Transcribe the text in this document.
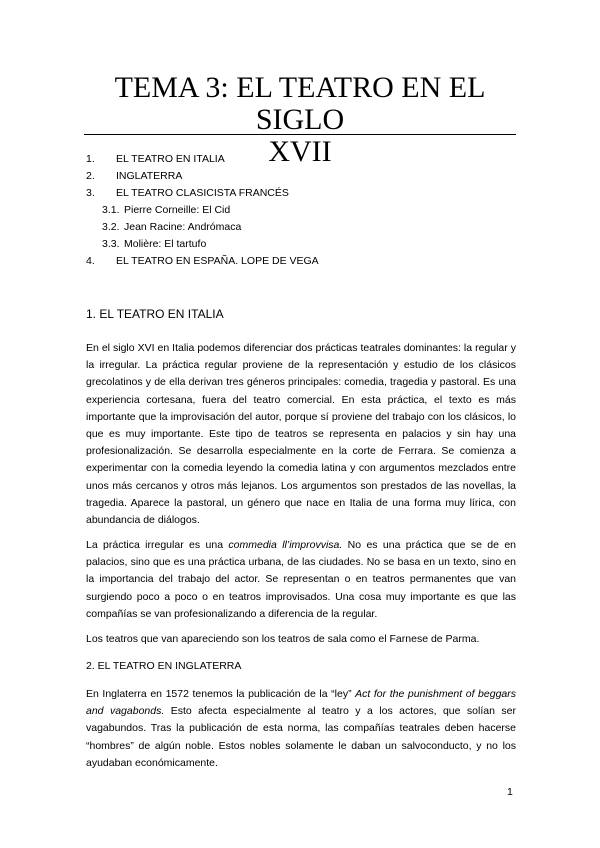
TEMA 3: EL TEATRO EN EL SIGLO
XVII
1.	EL TEATRO EN ITALIA
2.	INGLATERRA
3.	EL TEATRO CLASICISTA FRANCÉS
3.1. Pierre Corneille: El Cid
3.2. Jean Racine: Andrómaca
3.3. Molière: El tartufo
4.	EL TEATRO EN ESPAÑA. LOPE DE VEGA
1. EL TEATRO EN ITALIA

En el siglo XVI en Italia podemos diferenciar dos prácticas teatrales dominantes: la regular y la irregular. La práctica regular proviene de la representación y estudio de los clásicos grecolatinos y de ella derivan tres géneros principales: comedia, tragedia y pastoral. Es una experiencia cortesana, fuera del teatro comercial. En esta práctica, el texto es más importante que la improvisación del autor, porque sí proviene del trabajo con los clásicos, lo que es muy importante. Este tipo de teatros se representa en palacios y sin hay una profesionalización. Se desarrolla especialmente en la corte de Ferrara. Se comienza a experimentar con la comedia leyendo la comedia latina y con argumentos mezclados entre unos más cercanos y otros más lejanos. Los argumentos son prestados de las novellas, la tragedia. Aparece la pastoral, un género que nace en Italia de una forma muy lírica, con abundancia de diálogos.

La práctica irregular es una commedia ll’improvvisa. No es una práctica que se de en palacios, sino que es una práctica urbana, de las ciudades. No se basa en un texto, sino en la importancia del trabajo del actor. Se representan o en teatros permanentes que van surgiendo poco a poco o en teatros improvisados. Una cosa muy importante es que las compañías se van profesionalizando a diferencia de la regular.

Los teatros que van apareciendo son los teatros de sala como el Farnese de Parma.

2. EL TEATRO EN INGLATERRA

En Inglaterra en 1572 tenemos la publicación de la “ley” Act for the punishment of beggars and vagabonds. Esto afecta especialmente al teatro y a los actores, que solían ser vagabundos. Tras la publicación de esta norma, las compañías teatrales deben hacerse “hombres” de algún noble. Estos nobles solamente le daban un salvoconducto, y no los ayudaban económicamente.

1
